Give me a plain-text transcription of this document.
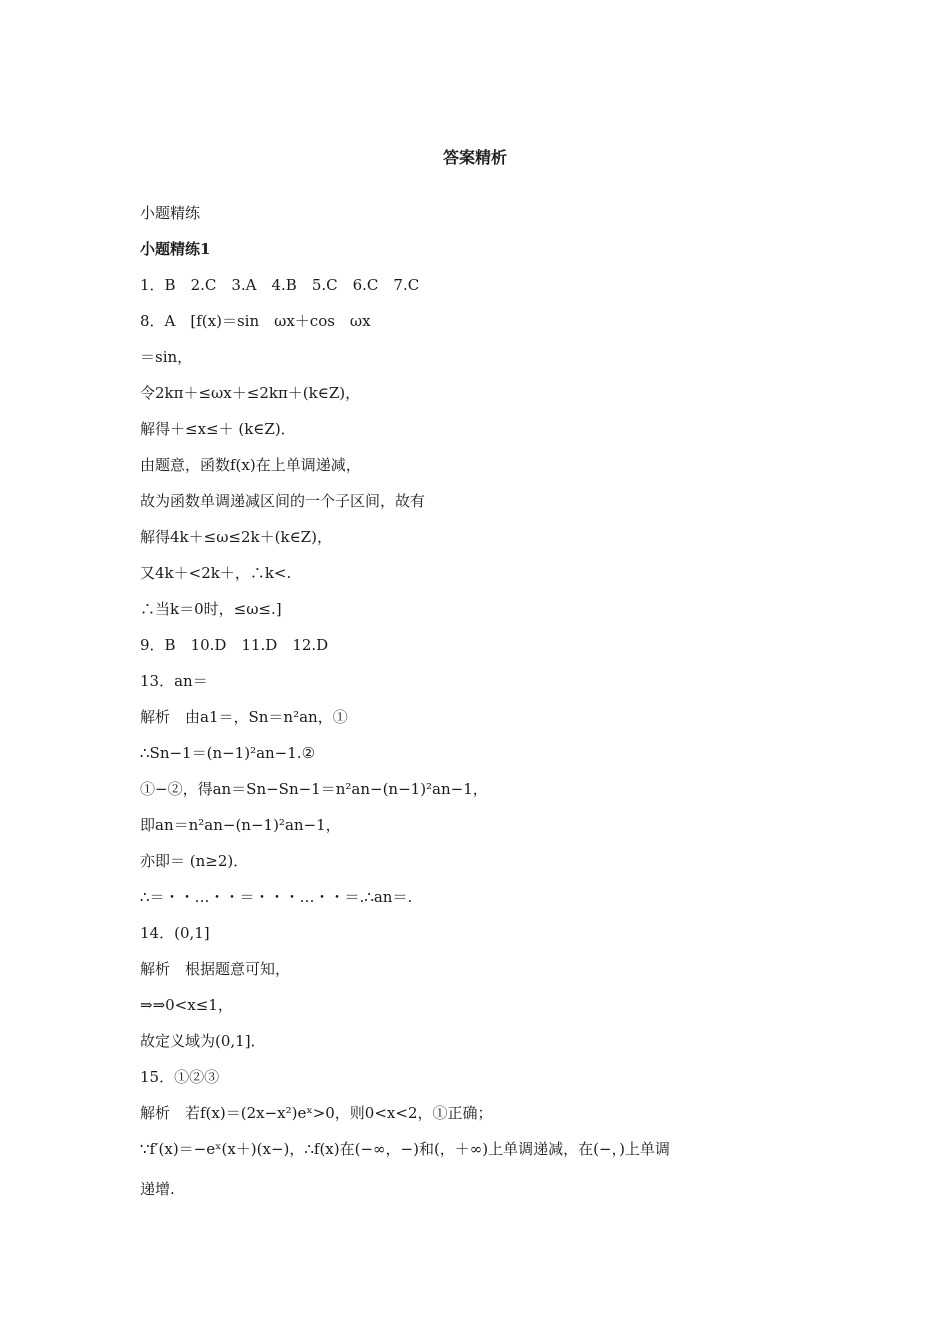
答案精析
小题精练
小题精练1
1．B　2.C　3.A　4.B　5.C　6.C　7.C
8．A　[f(x)＝sin　ωx＋cos　ωx
＝sin，
令2kπ＋≤ωx＋≤2kπ＋(k∈Z)，
解得＋≤x≤＋ (k∈Z)．
由题意，函数f(x)在上单调递减，
故为函数单调递减区间的一个子区间，故有
解得4k＋≤ω≤2k＋(k∈Z)，
又4k＋<2k＋，∴k<.
∴当k＝0时，≤ω≤.]
9．B　10.D　11.D　12.D
13．an＝
解析　由a1＝，Sn＝n²an，①
∴Sn−1＝(n−1)²an−1.②
①−②，得an＝Sn−Sn−1＝n²an−(n−1)²an−1，
即an＝n²an−(n−1)²an−1，
亦即＝ (n≥2)．
∴＝・・…・・＝・・・…・・＝.∴an＝.
14．(0,1]
解析　根据题意可知，
⇒⇒0<x≤1，
故定义域为(0,1]．
15．①②③
解析　若f(x)＝(2x−x²)eˣ>0，则0<x<2，①正确；
∵f′(x)＝−eˣ(x＋)(x−)，∴f(x)在(−∞，−)和(，＋∞)上单调递减，在(−，)上单调
递增.
